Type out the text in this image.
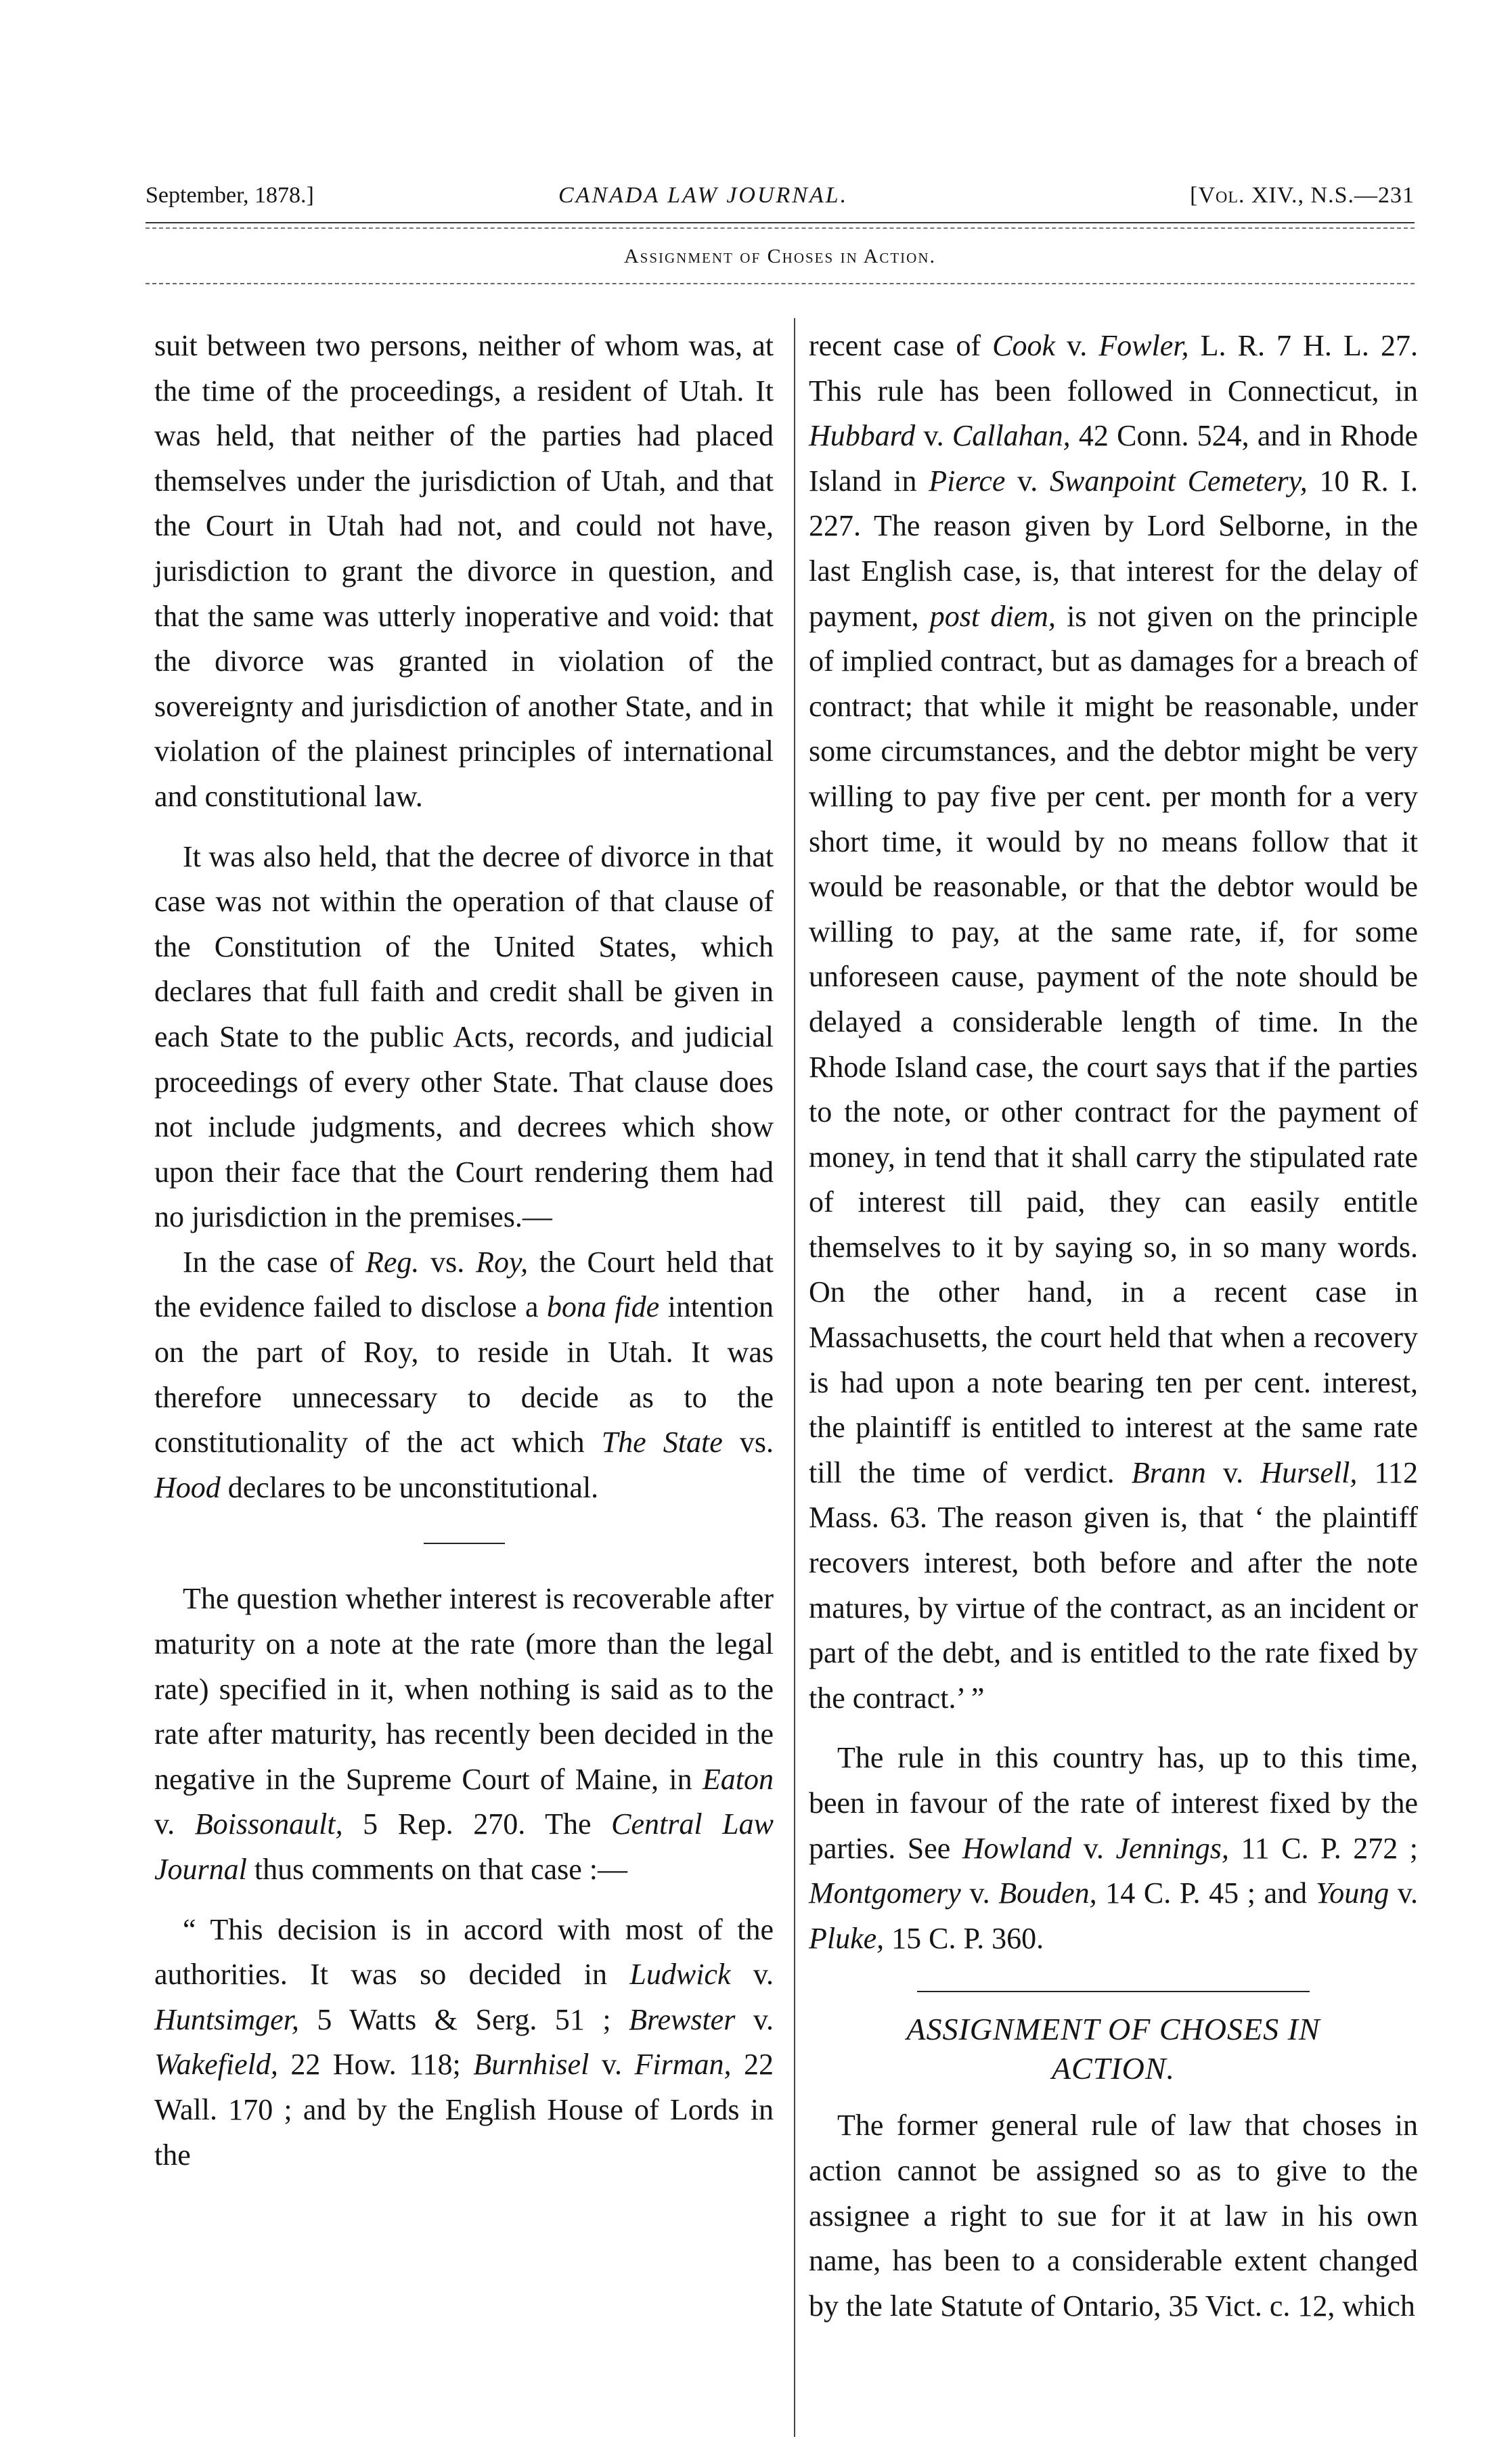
September, 1878.]	CANADA LAW JOURNAL.	[Vol. XIV., N.S.—231
Assignment of Choses in Action.

suit between two persons, neither of whom was, at the time of the proceedings, a resident of Utah. It was held, that neither of the parties had placed themselves under the jurisdiction of Utah, and that the Court in Utah had not, and could not have, jurisdiction to grant the divorce in question, and that the same was utterly inoperative and void: that the divorce was granted in violation of the sovereignty and jurisdiction of another State, and in violation of the plainest principles of international and constitutional law.

It was also held, that the decree of divorce in that case was not within the operation of that clause of the Constitution of the United States, which declares that full faith and credit shall be given in each State to the public Acts, records, and judicial proceedings of every other State. That clause does not include judgments, and decrees which show upon their face that the Court rendering them had no jurisdiction in the premises.—

In the case of Reg. vs. Roy, the Court held that the evidence failed to disclose a bona fide intention on the part of Roy, to reside in Utah. It was therefore unnecessary to decide as to the constitutionality of the act which The State vs. Hood declares to be unconstitutional.

The question whether interest is recoverable after maturity on a note at the rate (more than the legal rate) specified in it, when nothing is said as to the rate after maturity, has recently been decided in the negative in the Supreme Court of Maine, in Eaton v. Boissonault, 5 Rep. 270. The Central Law Journal thus comments on that case :—

“ This decision is in accord with most of the authorities. It was so decided in Ludwick v. Huntsimger, 5 Watts & Serg. 51 ; Brewster v. Wakefield, 22 How. 118; Burnhisel v. Firman, 22 Wall. 170 ; and by the English House of Lords in the

recent case of Cook v. Fowler, L. R. 7 H. L. 27. This rule has been followed in Connecticut, in Hubbard v. Callahan, 42 Conn. 524, and in Rhode Island in Pierce v. Swanpoint Cemetery, 10 R. I. 227. The reason given by Lord Selborne, in the last English case, is, that interest for the delay of payment, post diem, is not given on the principle of implied contract, but as damages for a breach of contract; that while it might be reasonable, under some circumstances, and the debtor might be very willing to pay five per cent. per month for a very short time, it would by no means follow that it would be reasonable, or that the debtor would be willing to pay, at the same rate, if, for some unforeseen cause, payment of the note should be delayed a considerable length of time. In the Rhode Island case, the court says that if the parties to the note, or other contract for the payment of money, in tend that it shall carry the stipulated rate of interest till paid, they can easily entitle themselves to it by saying so, in so many words. On the other hand, in a recent case in Massachusetts, the court held that when a recovery is had upon a note bearing ten per cent. interest, the plaintiff is entitled to interest at the same rate till the time of verdict. Brann v. Hursell, 112 Mass. 63. The reason given is, that ‘ the plaintiff recovers interest, both before and after the note matures, by virtue of the contract, as an incident or part of the debt, and is entitled to the rate fixed by the contract.’ ”

The rule in this country has, up to this time, been in favour of the rate of interest fixed by the parties. See Howland v. Jennings, 11 C. P. 272 ; Montgomery v. Bouden, 14 C. P. 45 ; and Young v. Pluke, 15 C. P. 360.

ASSIGNMENT OF CHOSES IN
ACTION.

The former general rule of law that choses in action cannot be assigned so as to give to the assignee a right to sue for it at law in his own name, has been to a considerable extent changed by the late Statute of Ontario, 35 Vict. c. 12, which
